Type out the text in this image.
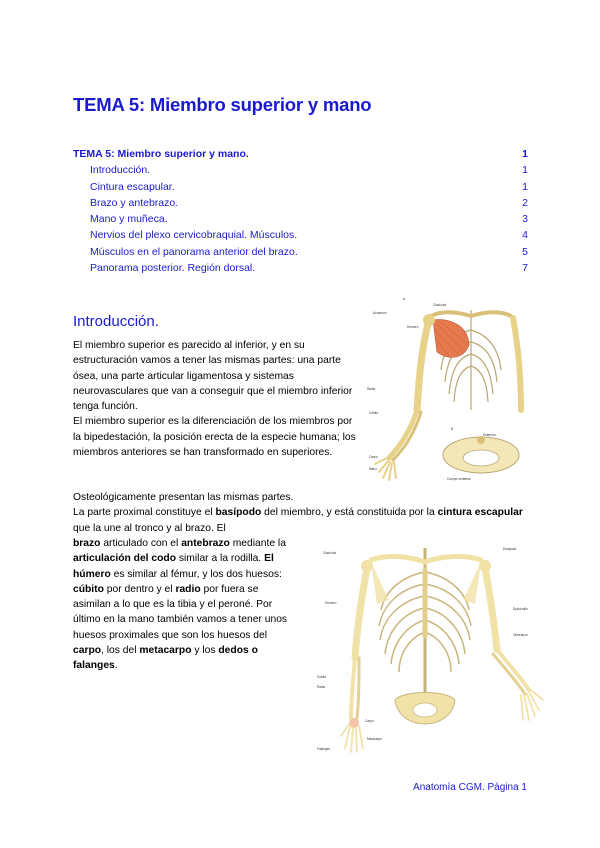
TEMA 5: Miembro superior y mano
TEMA 5: Miembro superior y mano.	1
Introducción.	1
Cintura escapular.	1
Brazo y antebrazo.	2
Mano y muñeca.	3
Nervios del plexo cervicobraquial. Músculos.	4
Músculos en el panorama anterior del brazo.	5
Panorama posterior. Región dorsal.	7
Introducción.
El miembro superior es parecido al inferior, y en su estructuración vamos a tener las mismas partes: una parte ósea, una parte articular ligamentosa y sistemas neurovasculares que van a conseguir que el miembro inferior tenga función.
El miembro superior es la diferenciación de los miembros por la bipedestación, la posición erecta de la especie humana; los miembros anteriores se han transformado en superiores.
Osteológicamente presentan las mismas partes.
La parte proximal constituye el basípodo del miembro, y está constituida por la cintura escapular que la une al tronco y al brazo. El
brazo articulado con el antebrazo mediante la articulación del codo similar a la rodilla. El húmero es similar al fémur, y los dos huesos: cúbito por dentro y el radio por fuera se asimilan a lo que es la tibia y el peroné. Por último en la mano también vamos a tener unos huesos proximales que son los huesos del carpo, los del metacarpo y los dedos o falanges.
A
Clavícula
Acromion
Húmero
Radio
Cúbito
Carpo
Mano
B
Esternón
Cuerpo vertebral
Clavícula
Escápula
Húmero
Cúbito
Radio
Carpo
Metacarpo
Falanges
Epicóndilo
Olécranon
Anatomía CGM. Página 1
